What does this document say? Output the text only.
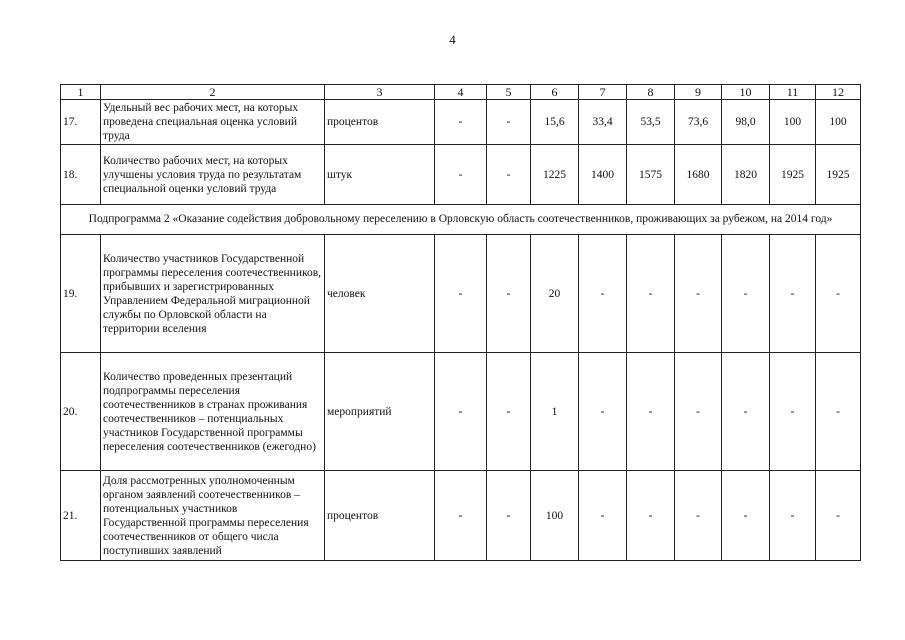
4
1	2	3	4	5	6	7	8	9	10	11	12
17.	Удельный вес рабочих мест, на которых проведена специальная оценка условий труда	процентов	-	-	15,6	33,4	53,5	73,6	98,0	100	100
18.	Количество рабочих мест, на которых улучшены условия труда по результатам специальной оценки условий труда	штук	-	-	1225	1400	1575	1680	1820	1925	1925
Подпрограмма 2 «Оказание содействия добровольному переселению в Орловскую область соотечественников, проживающих за рубежом, на 2014 год»											
19.	Количество участников Государственной программы переселения соотечественников, прибывших и зарегистрированных Управлением Федеральной миграционной службы по Орловской области на территории вселения	человек	-	-	20	-	-	-	-	-	-
20.	Количество проведенных презентаций подпрограммы переселения соотечественников в странах проживания соотечественников – потенциальных участников Государственной программы переселения соотечественников (ежегодно)	мероприятий	-	-	1	-	-	-	-	-	-
21.	Доля рассмотренных уполномоченным органом заявлений соотечественников – потенциальных участников Государственной программы переселения соотечественников от общего числа поступивших заявлений	процентов	-	-	100	-	-	-	-	-	-
